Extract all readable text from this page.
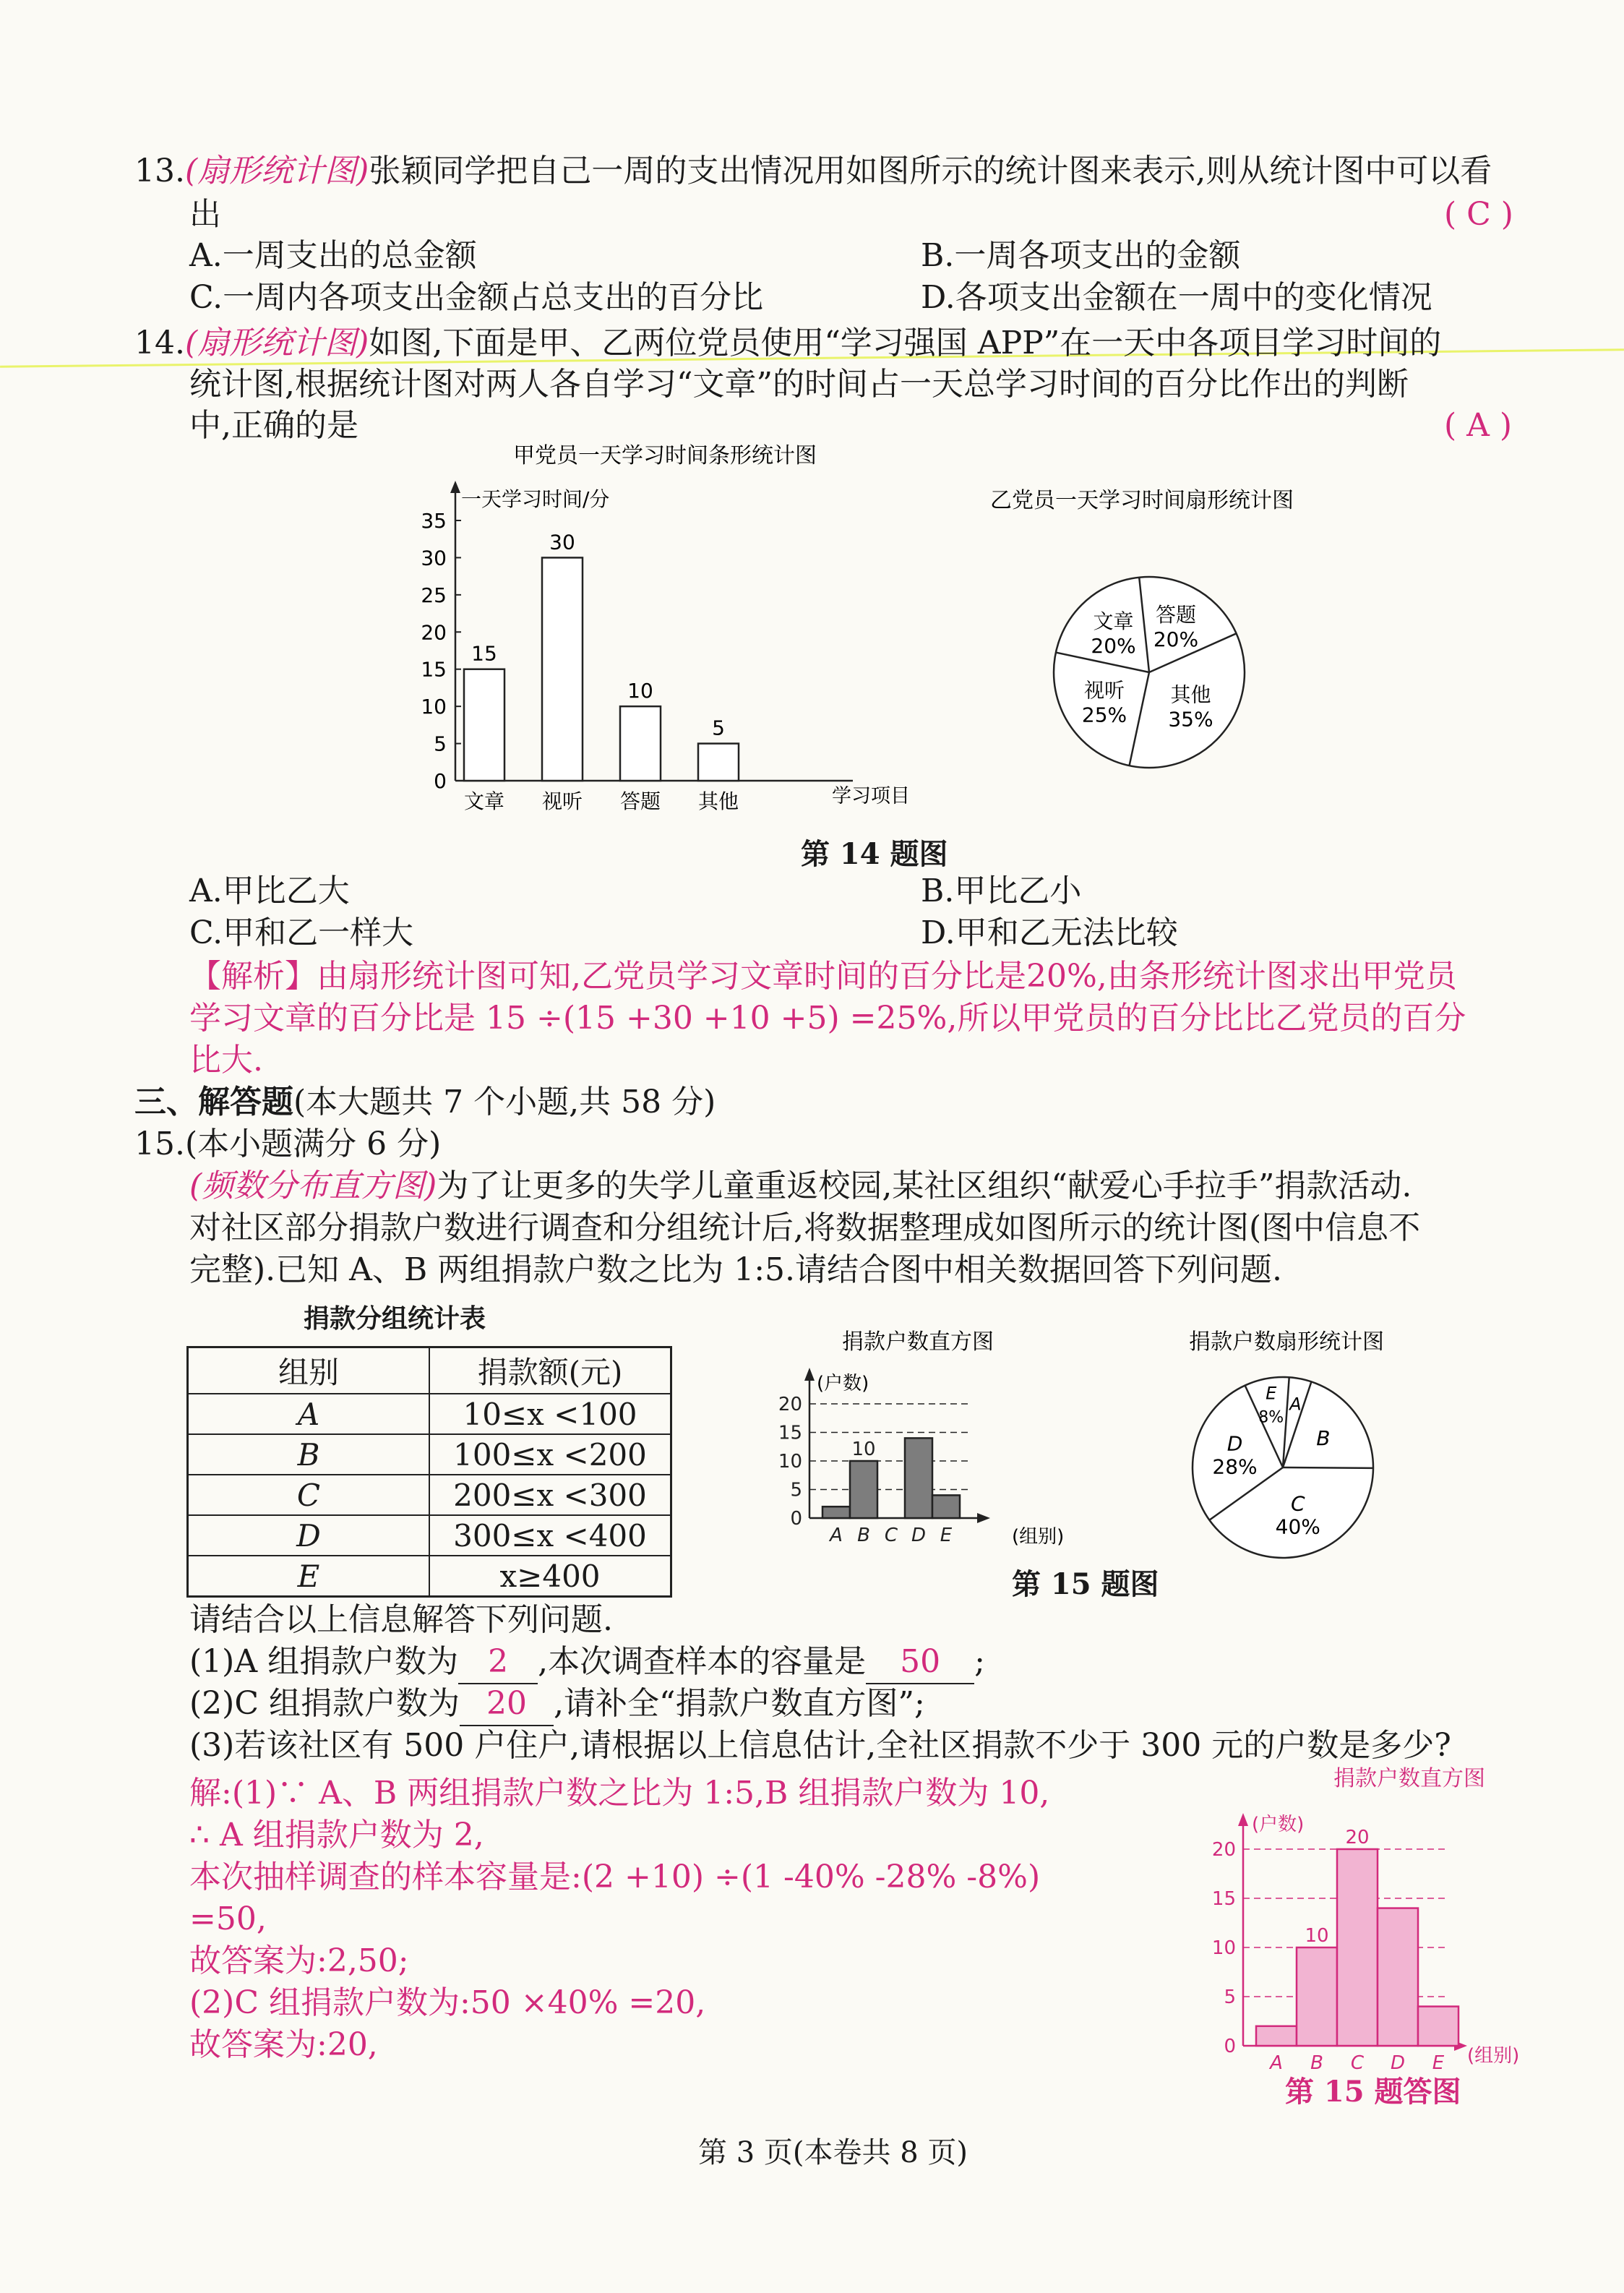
13.(扇形统计图)张颖同学把自己一周的支出情况用如图所示的统计图来表示,则从统计图中可以看
出	( C )
A.一周支出的总金额	B.一周各项支出的金额
C.一周内各项支出金额占总支出的百分比	D.各项支出金额在一周中的变化情况
14.(扇形统计图)如图,下面是甲、乙两位党员使用“学习强国 APP”在一天中各项目学习时间的
统计图,根据统计图对两人各自学习“文章”的时间占一天总学习时间的百分比作出的判断
中,正确的是	( A )
甲党员一天学习时间条形统计图
一天学习时间/分
学习项目
0
5
10
15
20
25
30
35
15
文章
30
视听
10
答题
5
其他
乙党员一天学习时间扇形统计图
答题
20%
其他
35%
视听
25%
文章
20%
第 14 题图
A.甲比乙大	B.甲比乙小
C.甲和乙一样大	D.甲和乙无法比较
【解析】由扇形统计图可知,乙党员学习文章时间的百分比是20%,由条形统计图求出甲党员
学习文章的百分比是 15 ÷(15 +30 +10 +5) =25%,所以甲党员的百分比比乙党员的百分
比大.
三、解答题(本大题共 7 个小题,共 58 分)
15.(本小题满分 6 分)
(频数分布直方图)为了让更多的失学儿童重返校园,某社区组织“献爱心手拉手”捐款活动.
对社区部分捐款户数进行调查和分组统计后,将数据整理成如图所示的统计图(图中信息不
完整).已知 A、B 两组捐款户数之比为 1:5.请结合图中相关数据回答下列问题.
捐款分组统计表
组别	捐款额(元)
A	10≤x <100
B	100≤x <200
C	200≤x <300
D	300≤x <400
E	x≥400
捐款户数直方图
(户数)
(组别)
0
5
10
15
20
A B
10
C D E
捐款户数扇形统计图
A
B
C
40%
D
28%
E
8%
第 15 题图
请结合以上信息解答下列问题.
(1)A 组捐款户数为 2 ,本次调查样本的容量是 50 ;
(2)C 组捐款户数为 20 ,请补全“捐款户数直方图”;
(3)若该社区有 500 户住户,请根据以上信息估计,全社区捐款不少于 300 元的户数是多少?
解:(1)∵ A、B 两组捐款户数之比为 1:5,B 组捐款户数为 10,
∴ A 组捐款户数为 2,
本次抽样调查的样本容量是:(2 +10) ÷(1 -40% -28% -8%)
=50,
故答案为:2,50;
(2)C 组捐款户数为:50 ×40% =20,
故答案为:20,
捐款户数直方图
(户数)
(组别)
0
5
10
15
20
A B
10
C
20
D E
第 15 题答图
第 3 页(本卷共 8 页)
